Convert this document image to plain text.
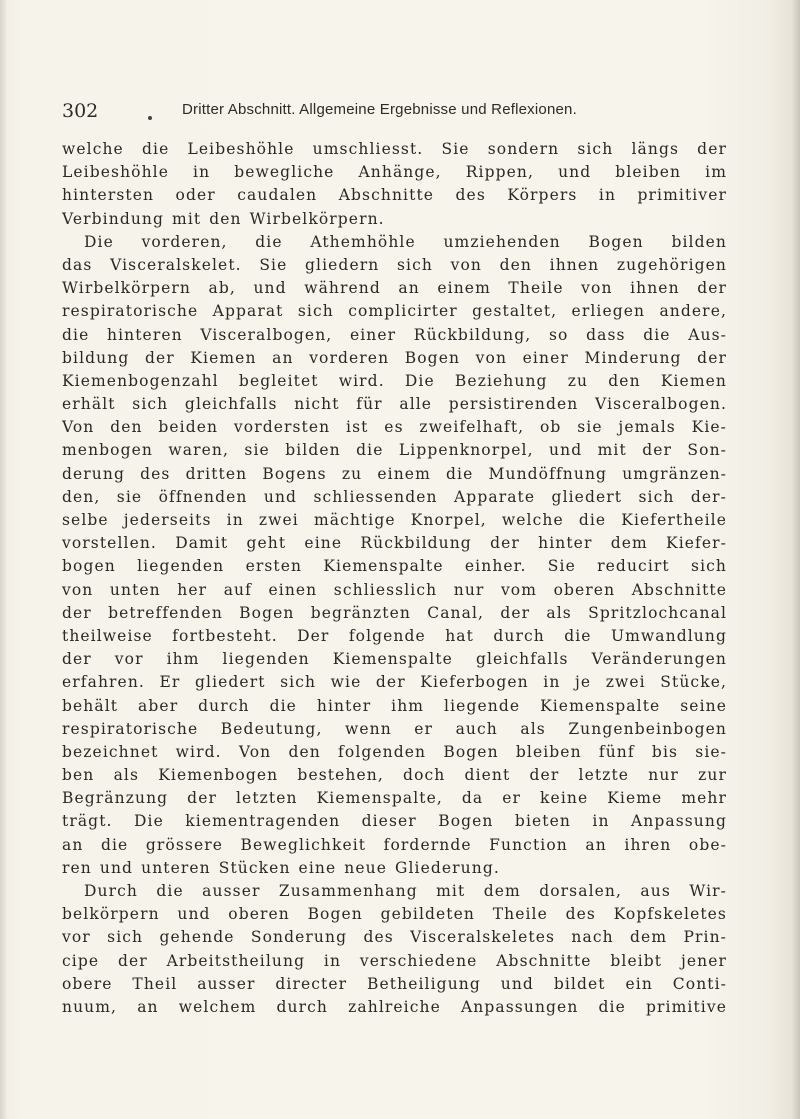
302	Dritter Abschnitt. Allgemeine Ergebnisse und Reflexionen.
welche die Leibeshöhle umschliesst. Sie sondern sich längs der
Leibeshöhle in bewegliche Anhänge, Rippen, und bleiben im
hintersten oder caudalen Abschnitte des Körpers in primitiver
Verbindung mit den Wirbelkörpern.
Die vorderen, die Athemhöhle umziehenden Bogen bilden
das Visceralskelet. Sie gliedern sich von den ihnen zugehörigen
Wirbelkörpern ab, und während an einem Theile von ihnen der
respiratorische Apparat sich complicirter gestaltet, erliegen andere,
die hinteren Visceralbogen, einer Rückbildung, so dass die Aus-
bildung der Kiemen an vorderen Bogen von einer Minderung der
Kiemenbogenzahl begleitet wird. Die Beziehung zu den Kiemen
erhält sich gleichfalls nicht für alle persistirenden Visceralbogen.
Von den beiden vordersten ist es zweifelhaft, ob sie jemals Kie-
menbogen waren, sie bilden die Lippenknorpel, und mit der Son-
derung des dritten Bogens zu einem die Mundöffnung umgränzen-
den, sie öffnenden und schliessenden Apparate gliedert sich der-
selbe jederseits in zwei mächtige Knorpel, welche die Kiefertheile
vorstellen. Damit geht eine Rückbildung der hinter dem Kiefer-
bogen liegenden ersten Kiemenspalte einher. Sie reducirt sich
von unten her auf einen schliesslich nur vom oberen Abschnitte
der betreffenden Bogen begränzten Canal, der als Spritzlochcanal
theilweise fortbesteht. Der folgende hat durch die Umwandlung
der vor ihm liegenden Kiemenspalte gleichfalls Veränderungen
erfahren. Er gliedert sich wie der Kieferbogen in je zwei Stücke,
behält aber durch die hinter ihm liegende Kiemenspalte seine
respiratorische Bedeutung, wenn er auch als Zungenbeinbogen
bezeichnet wird. Von den folgenden Bogen bleiben fünf bis sie-
ben als Kiemenbogen bestehen, doch dient der letzte nur zur
Begränzung der letzten Kiemenspalte, da er keine Kieme mehr
trägt. Die kiementragenden dieser Bogen bieten in Anpassung
an die grössere Beweglichkeit fordernde Function an ihren obe-
ren und unteren Stücken eine neue Gliederung.
Durch die ausser Zusammenhang mit dem dorsalen, aus Wir-
belkörpern und oberen Bogen gebildeten Theile des Kopfskeletes
vor sich gehende Sonderung des Visceralskeletes nach dem Prin-
cipe der Arbeitstheilung in verschiedene Abschnitte bleibt jener
obere Theil ausser directer Betheiligung und bildet ein Conti-
nuum, an welchem durch zahlreiche Anpassungen die primitive
